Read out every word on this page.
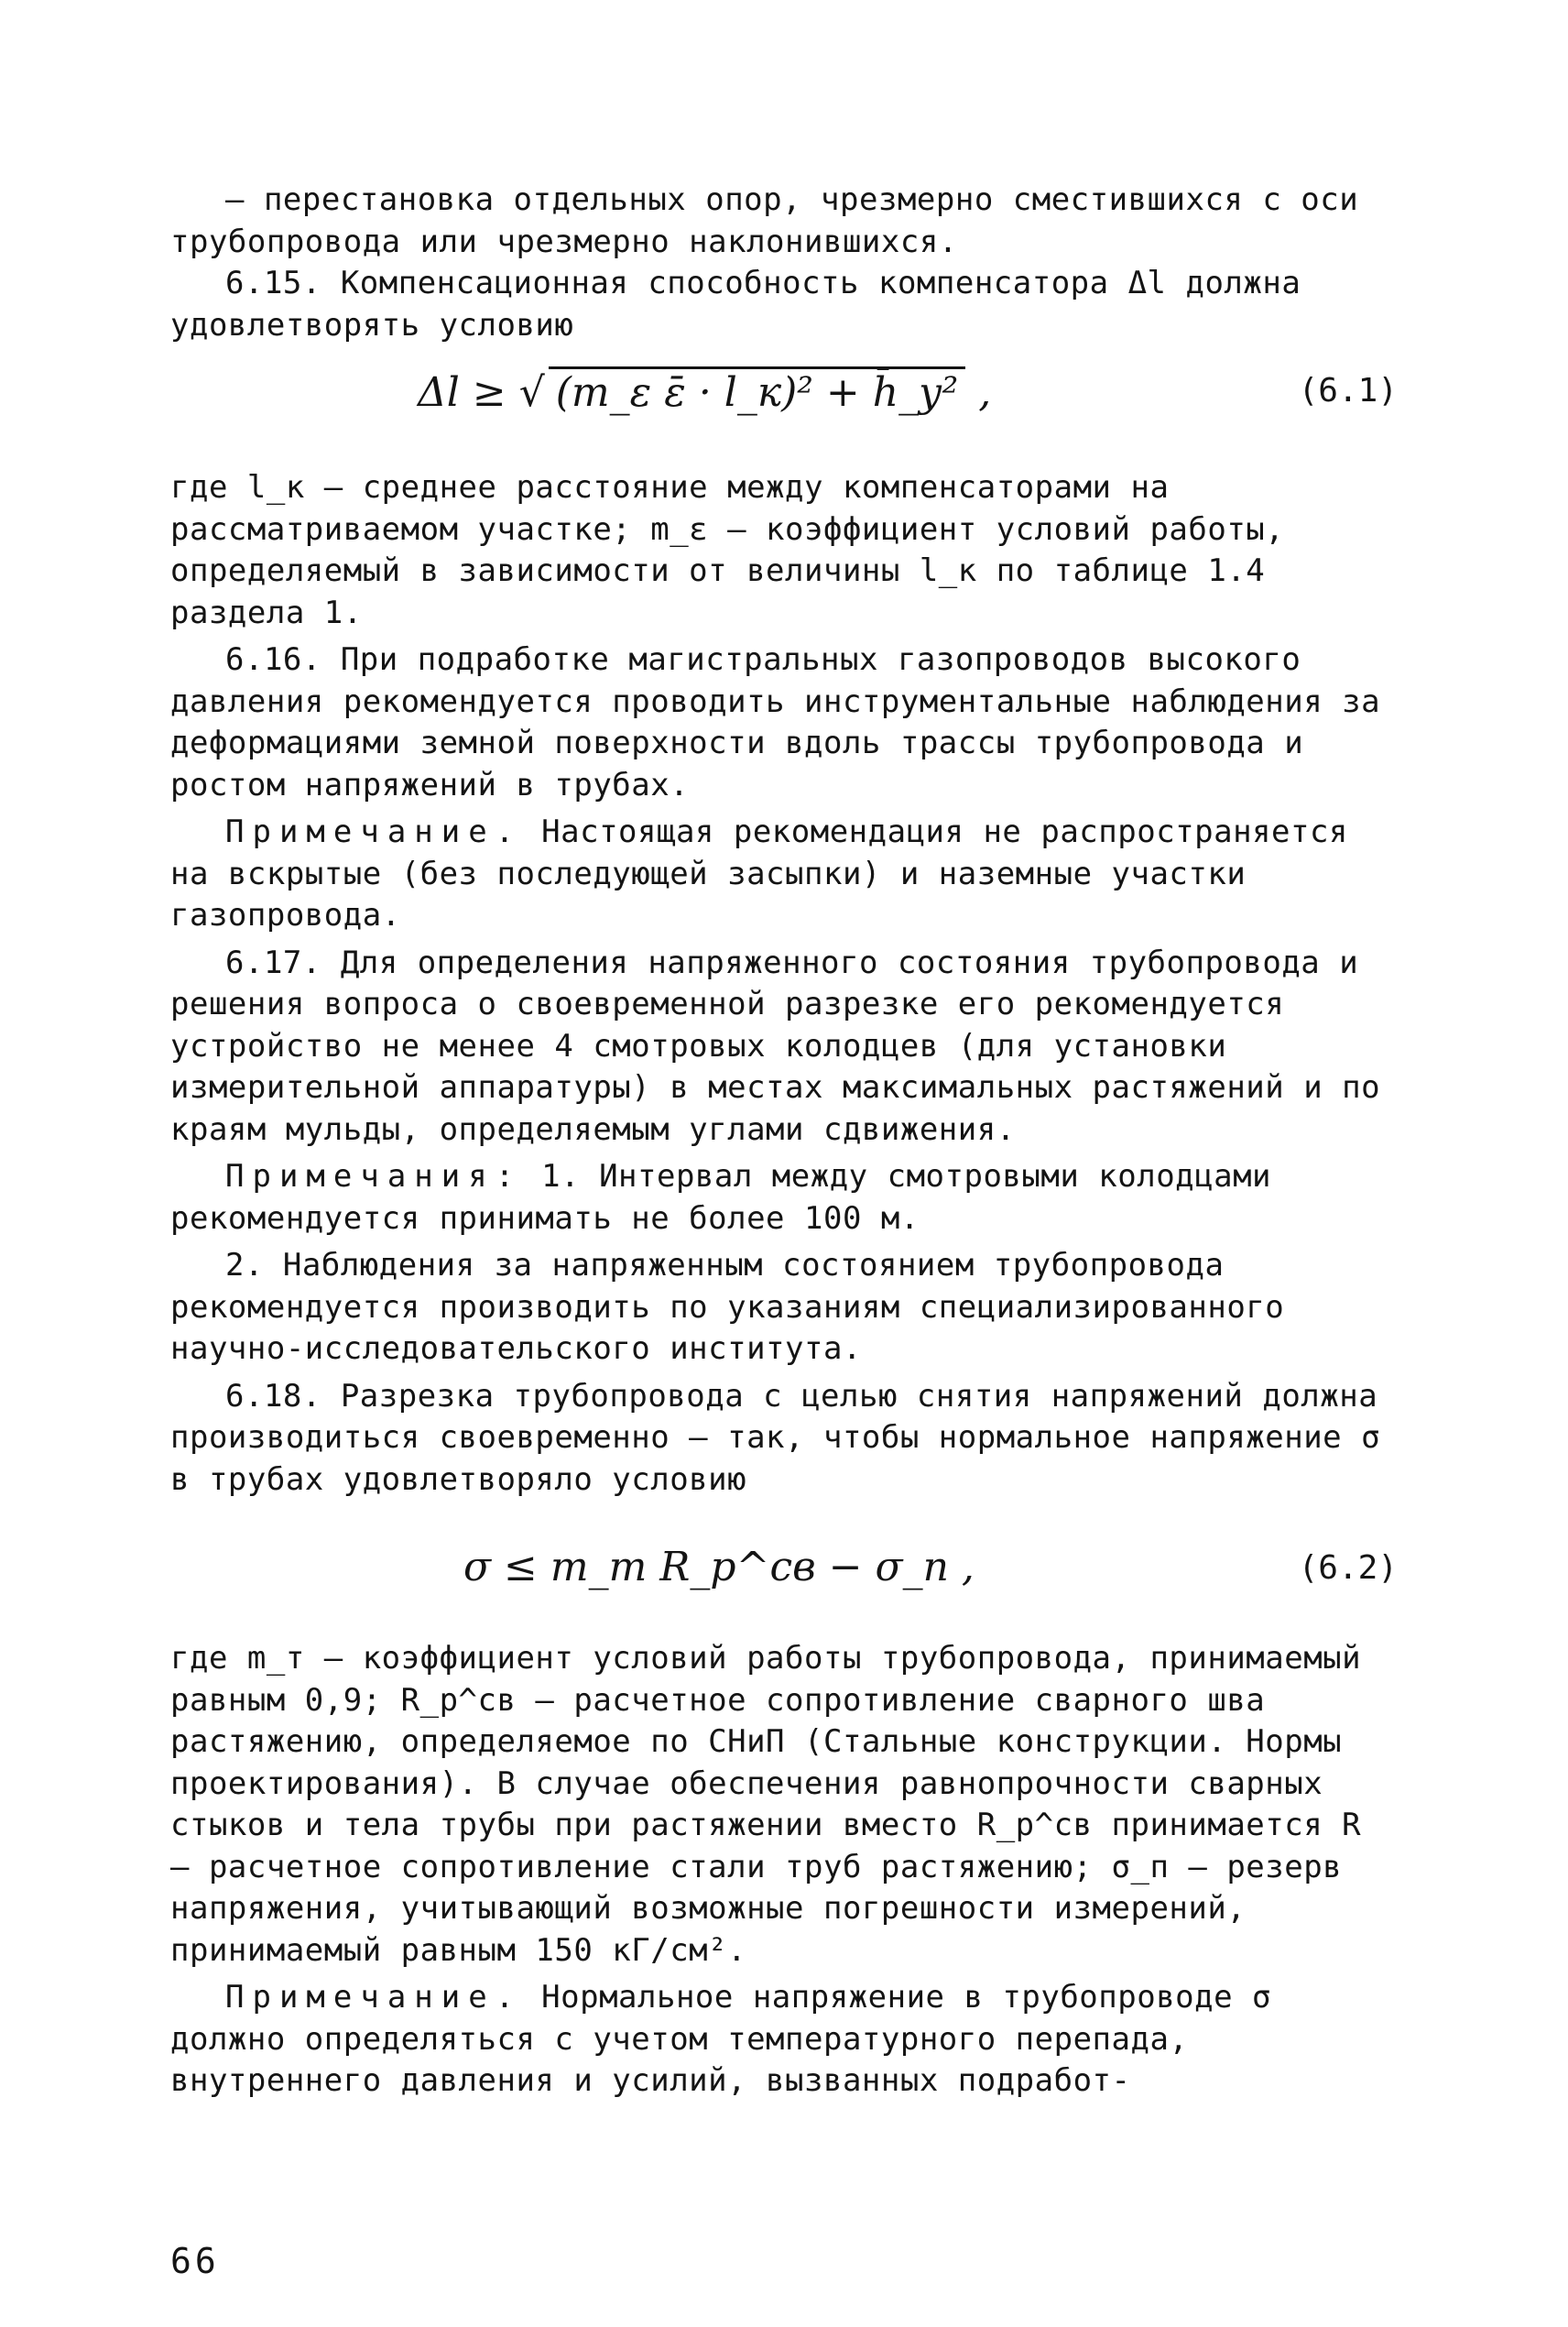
– перестановка отдельных опор, чрезмерно сместившихся с оси трубопровода или чрезмерно наклонившихся.

6.15. Компенсационная способность компенсатора Δl должна удовлетворять условию

Δl ≥ √ (m_ε ε̄ · l_к)² + h̄_у² ,	(6.1)

где l_к – среднее расстояние между компенсаторами на рассматриваемом участке; m_ε – коэффициент условий работы, определяемый в зависимости от величины l_к по таблице 1.4 раздела 1.

6.16. При подработке магистральных газопроводов высокого давления рекомендуется проводить инструментальные наблюдения за деформациями земной поверхности вдоль трассы трубопровода и ростом напряжений в трубах.

Примечание. Настоящая рекомендация не распространяется на вскрытые (без последующей засыпки) и наземные участки газопровода.

6.17. Для определения напряженного состояния трубопровода и решения вопроса о своевременной разрезке его рекомендуется устройство не менее 4 смотровых колодцев (для установки измерительной аппаратуры) в местах максимальных растяжений и по краям мульды, определяемым углами сдвижения.

Примечания: 1. Интервал между смотровыми колодцами рекомендуется принимать не более 100 м.

2. Наблюдения за напряженным состоянием трубопровода рекомендуется производить по указаниям специализированного научно-исследовательского института.

6.18. Разрезка трубопровода с целью снятия напряжений должна производиться своевременно – так, чтобы нормальное напряжение σ в трубах удовлетворяло условию

σ ≤ m_т R_р^св − σ_п ,	(6.2)

где m_т – коэффициент условий работы трубопровода, принимаемый равным 0,9; R_р^св – расчетное сопротивление сварного шва растяжению, определяемое по СНиП (Стальные конструкции. Нормы проектирования). В случае обеспечения равнопрочности сварных стыков и тела трубы при растяжении вместо R_р^св принимается R – расчетное сопротивление стали труб растяжению; σ_п – резерв напряжения, учитывающий возможные погрешности измерений, принимаемый равным 150 кГ/см².

Примечание. Нормальное напряжение в трубопроводе σ должно определяться с учетом температурного перепада, внутреннего давления и усилий, вызванных подработ-

66
